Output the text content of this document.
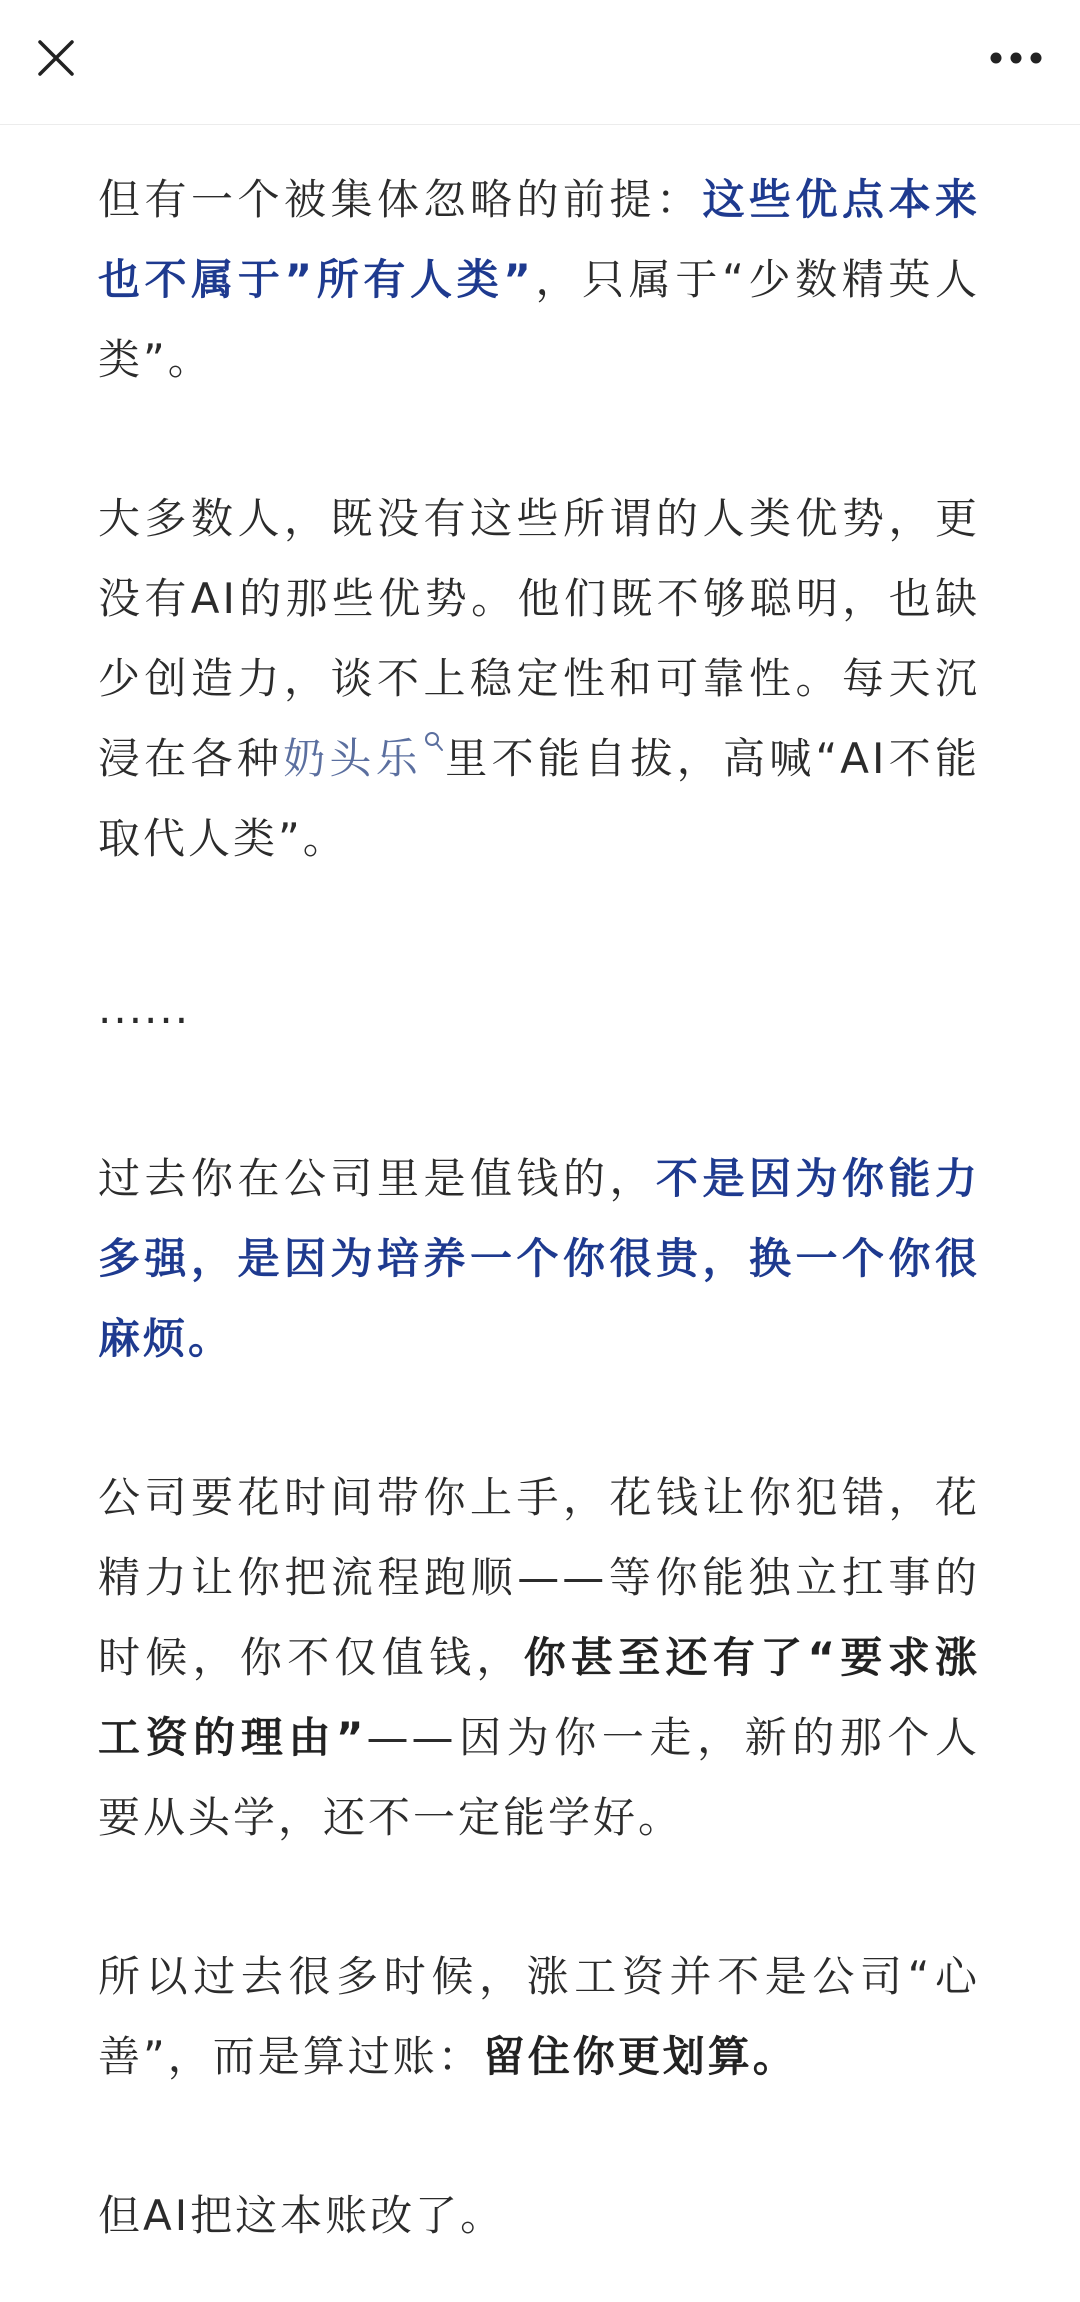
但有一个被集体忽略的前提：这些优点本来也不属于”所有人类”，只属于“少数精英人类”。

大多数人，既没有这些所谓的人类优势，更没有AI的那些优势。他们既不够聪明，也缺少创造力，谈不上稳定性和可靠性。每天沉浸在各种奶头乐 里不能自拔，高喊“AI不能取代人类”。

......

过去你在公司里是值钱的，不是因为你能力多强，是因为培养一个你很贵，换一个你很麻烦。

公司要花时间带你上手，花钱让你犯错，花精力让你把流程跑顺——等你能独立扛事的时候，你不仅值钱，你甚至还有了“要求涨工资的理由”——因为你一走，新的那个人要从头学，还不一定能学好。

所以过去很多时候，涨工资并不是公司“心善”，而是算过账：留住你更划算。

但AI把这本账改了。
